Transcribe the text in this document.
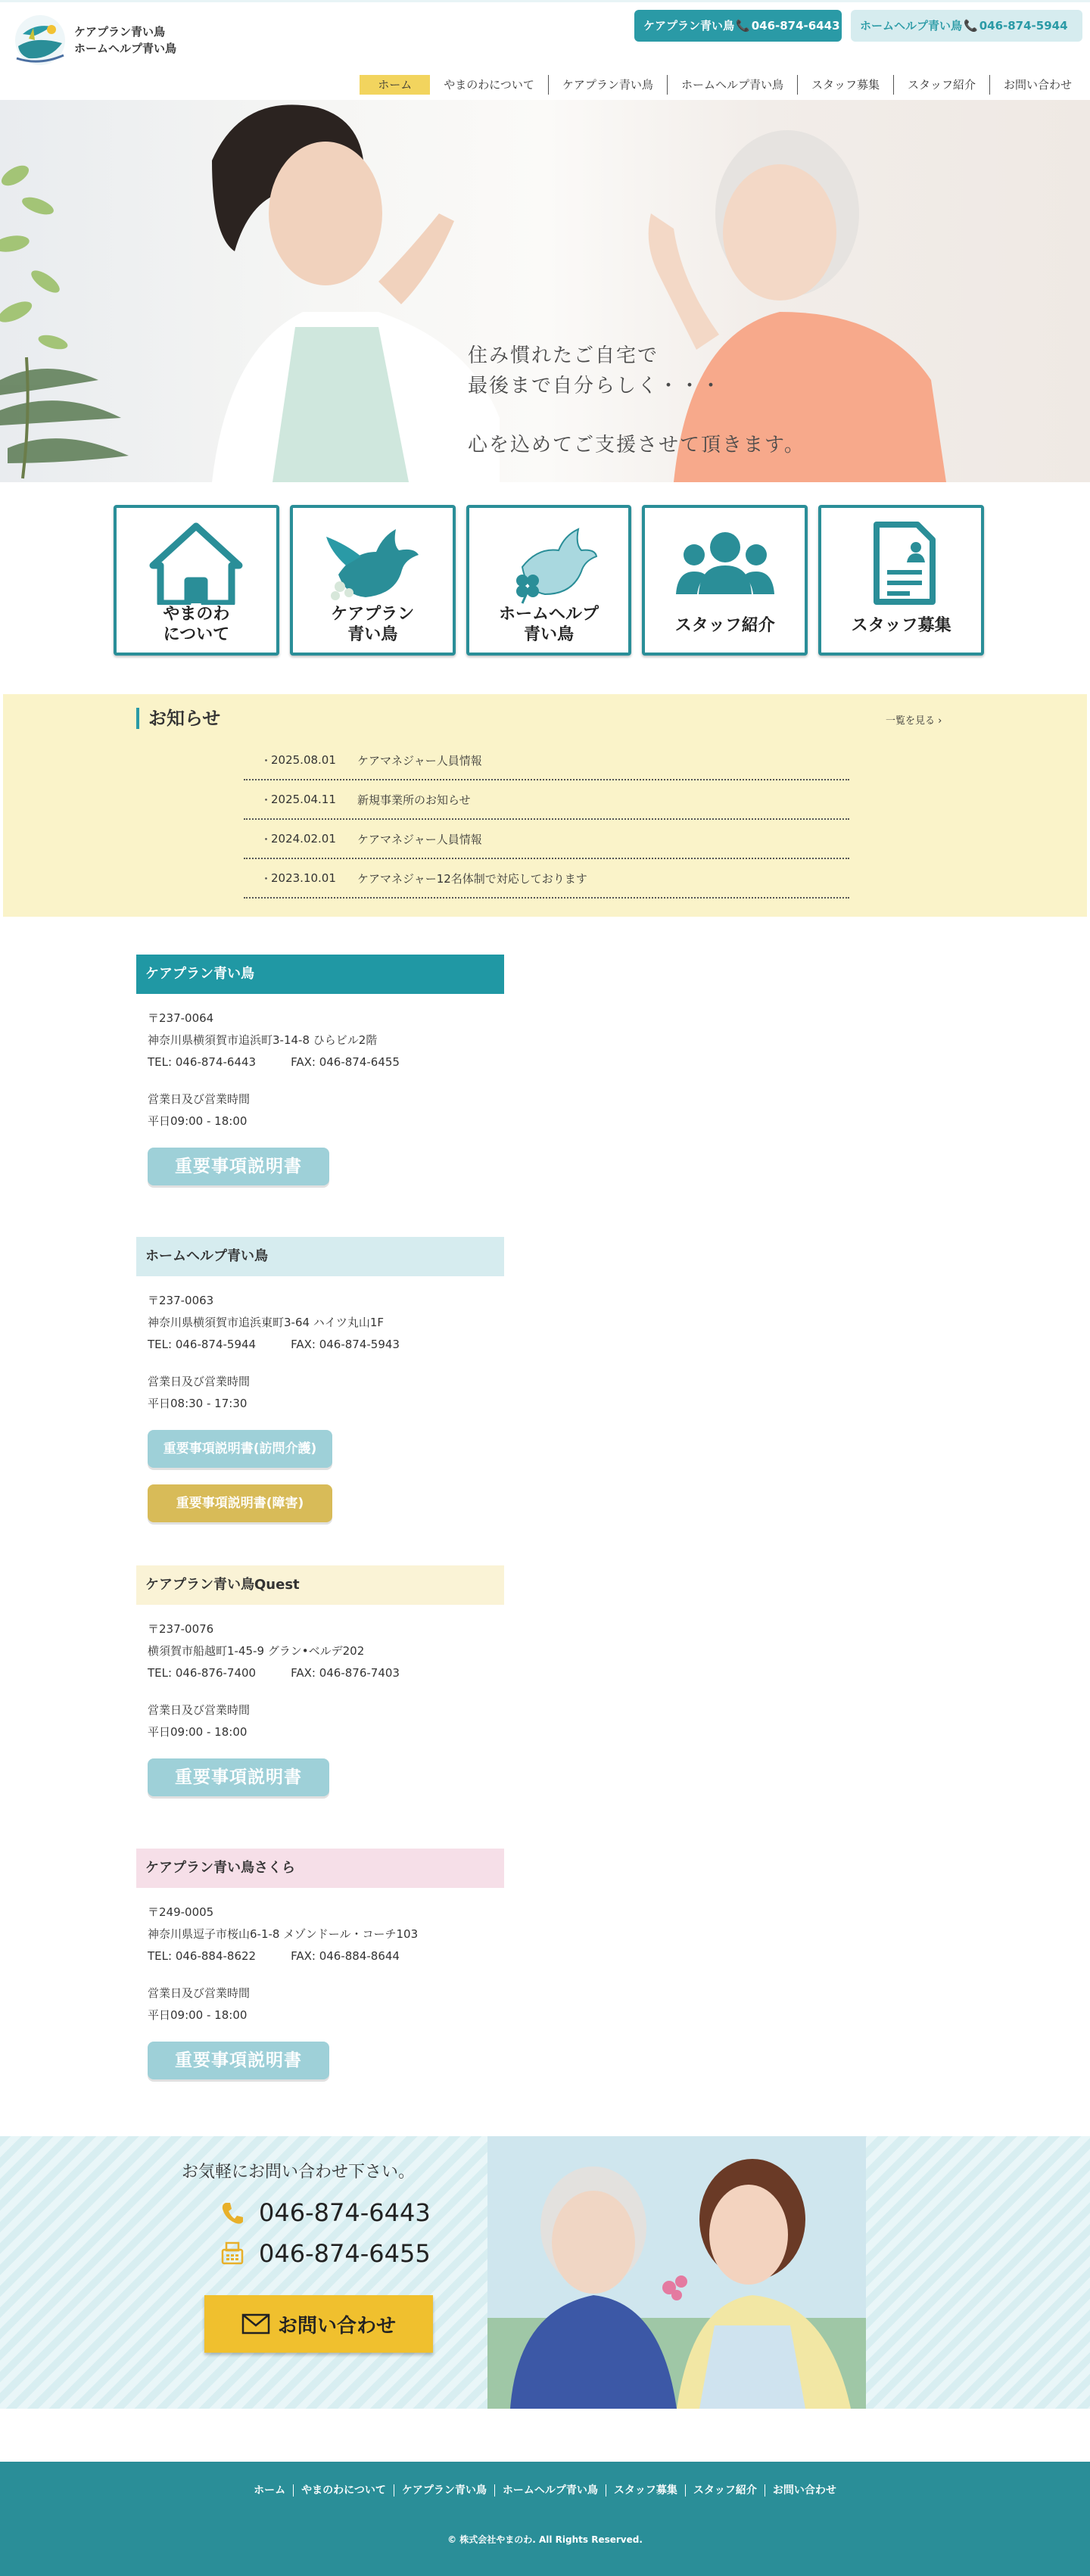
ケアプラン青い鳥
ホームヘルプ青い鳥
ケアプラン青い鳥 📞 046-874-6443	ホームヘルプ青い鳥 📞 046-874-5944
ホーム	やまのわについて	ケアプラン青い鳥	ホームヘルプ青い鳥	スタッフ募集	スタッフ紹介	お問い合わせ
住み慣れたご自宅で
最後まで自分らしく・・・
心を込めてご支援させて頂きます。
やまのわ
について
ケアプラン
青い鳥
ホームヘルプ
青い鳥	スタッフ紹介	スタッフ募集
お知らせ	一覧を見る ›
・
2025.08.01	ケアマネジャー人員情報
・
2025.04.11	新規事業所のお知らせ
・
2024.02.01	ケアマネジャー人員情報
・
2023.10.01	ケアマネジャー12名体制で対応しております
ケアプラン青い鳥
〒237-0064
神奈川県横須賀市追浜町3-14-8 ひらビル2階
TEL: 046-874-6443	FAX: 046-874-6455
営業日及び営業時間
平日09:00 - 18:00
重要事項説明書
ホームヘルプ青い鳥
〒237-0063
神奈川県横須賀市追浜東町3-64 ハイツ丸山1F
TEL: 046-874-5944	FAX: 046-874-5943
営業日及び営業時間
平日08:30 - 17:30
重要事項説明書(訪問介護)
重要事項説明書(障害)
ケアプラン青い鳥Quest
〒237-0076
横須賀市船越町1-45-9 グラン•ベルデ202
TEL: 046-876-7400	FAX: 046-876-7403
営業日及び営業時間
平日09:00 - 18:00
重要事項説明書
ケアプラン青い鳥さくら
〒249-0005
神奈川県逗子市桜山6-1-8 メゾンドール・コーチ103
TEL: 046-884-8622	FAX: 046-884-8644
営業日及び営業時間
平日09:00 - 18:00
重要事項説明書
お気軽にお問い合わせ下さい。
046-874-6443
046-874-6455
お問い合わせ
ホーム	やまのわについて	ケアプラン青い鳥	ホームヘルプ青い鳥	スタッフ募集	スタッフ紹介	お問い合わせ
© 株式会社やまのわ. All Rights Reserved.
